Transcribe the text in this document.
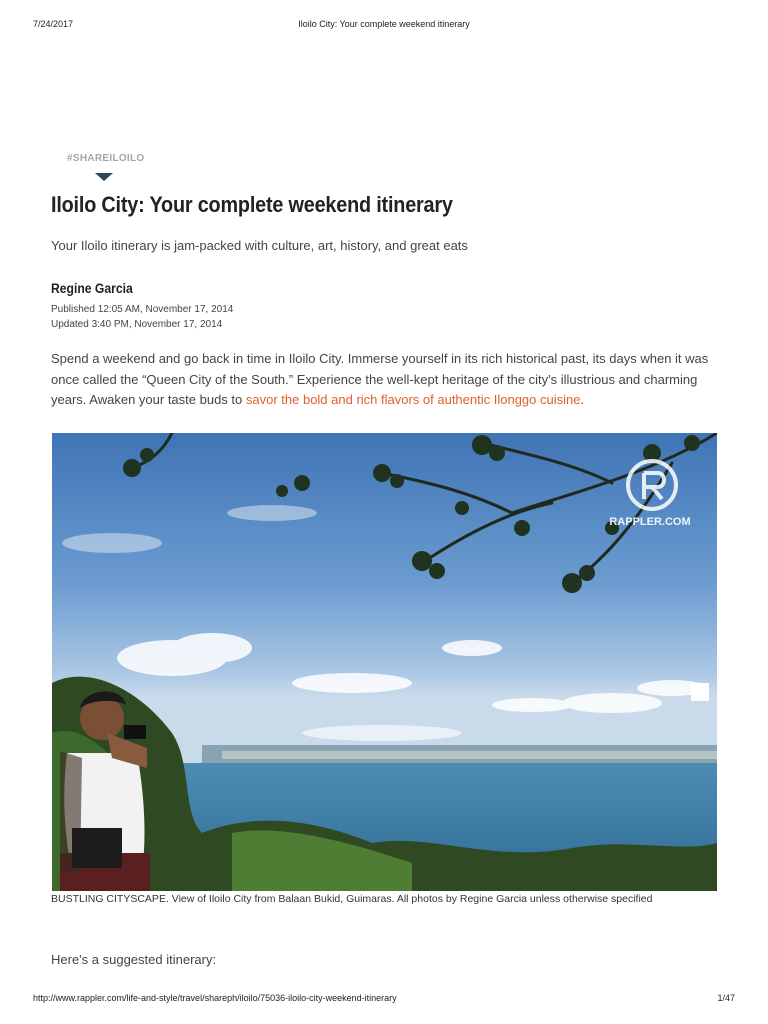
7/24/2017	Iloilo City: Your complete weekend itinerary
#SHAREILOILO
Iloilo City: Your complete weekend itinerary
Your Iloilo itinerary is jam-packed with culture, art, history, and great eats
Regine Garcia
Published 12:05 AM, November 17, 2014
Updated 3:40 PM, November 17, 2014
Spend a weekend and go back in time in Iloilo City. Immerse yourself in its rich historical past, its days when it was once called the “Queen City of the South.” Experience the well-kept heritage of the city's illustrious and charming years. Awaken your taste buds to savor the bold and rich flavors of authentic Ilonggo cuisine.
RAPPLER.COM
BUSTLING CITYSCAPE. View of Iloilo City from Balaan Bukid, Guimaras. All photos by Regine Garcia unless otherwise specified
Here's a suggested itinerary:
http://www.rappler.com/life-and-style/travel/shareph/iloilo/75036-iloilo-city-weekend-itinerary	1/47
